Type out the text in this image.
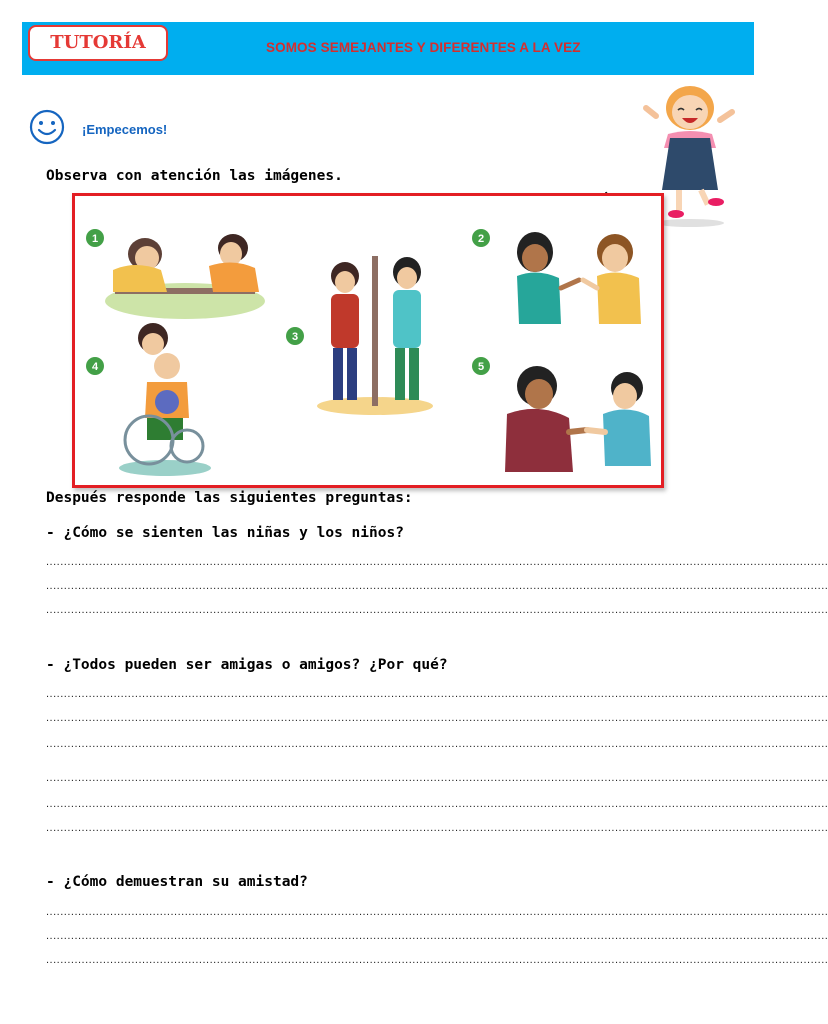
TUTORÍA	SOMOS SEMEJANTES Y DIFERENTES A LA VEZ
¡Empecemos!
Observa con atención las imágenes.
1	2
3
4	5
Después responde las siguientes preguntas:
- ¿Cómo se sienten las niñas y los niños?
............................................................................................................................................................................................................................
............................................................................................................................................................................................................................
............................................................................................................................................................................................................................
- ¿Todos pueden ser amigas o amigos? ¿Por qué?
............................................................................................................................................................................................................................
............................................................................................................................................................................................................................
............................................................................................................................................................................................................................
............................................................................................................................................................................................................................
............................................................................................................................................................................................................................
............................................................................................................................................................................................................................
- ¿Cómo demuestran su amistad?
............................................................................................................................................................................................................................
............................................................................................................................................................................................................................
............................................................................................................................................................................................................................
